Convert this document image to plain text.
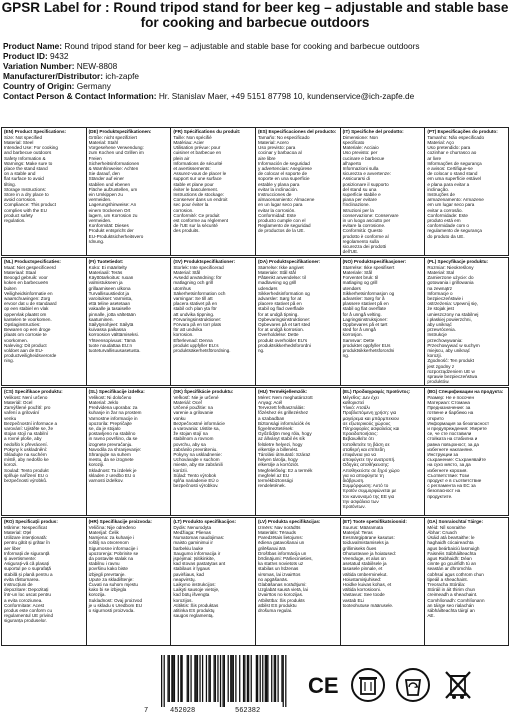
GPSR Label for : Round tripod stand for beer keg – adjustable and stable base for cooking and barbecue outdoors
Product Name: Round tripod stand for beer keg – adjustable and stable base for cooking and barbecue outdoors
Product ID: 9432
Variation Number: NEW-8808
Manufacturer/Distributor: ich-zapfe
Country of Origin: Germany
Contact Person & Contact Information: Hr. Stanislav Maer, +49 5151 87798 10, kundenservice@ich-zapfe.de
(EN) Product Specifications:
Size: Not specified
Material: Steel
Intended Use: For cooking
and barbecue outdoors
Safety Information &
Warnings: Make sure to
place the stand stand
on a stable and
flat surface to avoid
tilting.
Storage Instructions:
Store in a dry place to
avoid corrosion.
Compliance: This product
complies with the EU
product safety
regulation.
(DE) Produktspezifikationen:
Größe: nicht spezifiziert
Material: Stahl
Vorgesehene Verwendung:
zum Kochen und Grillen im
Freien
Sicherheitsinformationen
& Warnhinweise: Achten
Sie darauf, den
Ständer auf einer
stabilen und ebenen
Fläche aufzustellen, um
ein Umkippen zu
vermeiden.
Lagerungshinweise: An
einem trockenen Ort
lagern, um Korrosion zu
vermeiden.
Konformität: Dieses
Produkt entspricht der
EU-Produktsicherheitsvero
rdnung.
(FR) Spécifications du produit:
Taille: Non spécifié
Matériau: Acier
Utilisation prévue: pour
cuisiner et barbecue en
plein air
Informations de sécurité
et avertissements:
Assurez-vous de placer le
support sur une surface
stable et plane pour
éviter le basculement.
Instructions de stockage:
Conserver dans un endroit
sec pour éviter la
corrosion.
Conformité: Ce produit
est conforme au règlement
de l'UE sur la sécurité
des produits.
(ES) Especificaciones del producto:
Tamaño: No especificado
Material: Acero
Uso previsto: para
cocinar y barbacoa al
aire libre
Información de seguridad
y advertencias: Asegúrese
de colocar el soporte de
soporte en una superficie
estable y plana para
evitar la inclinación.
Instrucciones de
almacenamiento: Almacene
en un lugar seco para
evitar la corrosión.
Conformidad: Este
producto cumple con el
Reglamento de seguridad
de productos de la UE.
(IT) Specifiche del prodotto:
Dimensione: Non
specificato
Materiale: Acciaio
Uso previsto: per
cucinare e barbecue
all'aperto
Informazioni sulla
sicurezza e avvertenze:
Assicurarsi di
posizionare il supporto
del stand su una
superficie stabile e
piana per evitare
l'inclinazione.
Istruzioni per la
conservazione: Conservare
in un luogo asciutto per
evitare la corrosione.
Conformità: Questo
prodotto è conforme al
regolamento sulla
sicurezza dei prodotti
dell'UE.
(PT) Especificações do produto:
Tamanho: Não especificado
Material: Aço
Uso pretendido: para
cozinhar e churrasco ao
ar livre
Informações de segurança
e avisos: Certifique-se
de colocar o stand stand
em uma superfície estável
e plana para evitar a
inclinação.
Instruções de
armazenamento: Armazene
em um lugar seco para
evitar a corrosão.
Conformidade: Este
produto está em
conformidade com o
regulamento de segurança
do produto da UE.
(NL) Productspecificaties:
Maat: Niet gespecificeerd
Materiaal: Staal
Beoogd gebruik: voor
koken en barbecueën
buiten
Veiligheidsinformatie en
waarschuwingen: Zorg
ervoor dat u de standaard
op een stabiel en vlak
oppervlak plaatst om
kantelen te voorkomen.
Opslaginstructies:
Bewaren op een droge
plaats om corrosie te
voorkomen.
Naleving: Dit product
voldoet aan de EU-
productveiligheidsverorde
ning.
(FI) Tuotetiedot:
Koko: Ei määritelty
Materiaali: Teräs
Käyttötarkoitus: ruoan
valmistukseen ja
grillaamiseen ulkona
Turvallisuustiedot ja
varoitukset: Varmista,
että teline asetetaan
vakaalle ja tasaiselle
pinnalle, jotta vältetään
kaatuminen.
Säilytysohjeet: Säilytä
kuivassa paikassa
korroosion välttämiseksi.
Yhteensopivuus: Tämä
tuote noudattaa EU:n
tuoteturvallisuusasetusta.
(SV) Produktspecifikationer:
Storlek: Inte specificerad
Material: Stål
Avsedd användning: för
matlagning och grill
utomhus
Säkerhetsinformation och
varningar: Se till att
placera stativet på en
stabil och plan yta för
att undvika tippning.
Förvaringsinstruktioner:
Förvara på en torr plats
för att undvika
korrosion.
Efterlevnad: Denna
produkt uppfyller EU:s
produktsäkerhetsförordning.
(DA) Produktspecifikationer:
Størrelse: Ikke angivet
Materiale: Stål stål
Påtænkt anvendelse: til
madlavning og grill
udendørs
Sikkerhedsinformation og
advarsler: Sørg for at
placere stativet på en
stabil og flad overflade
for at undgå tipning.
Opbevaringsinstruktioner:
Opbevares på et tørt sted
for at undgå korrosion.
Overholdelse: Dette
produkt overholder EU's
produktsikkerhedsforordni
ng.
(NO) Produktspesifikasjoner:
Størrelse: Ikke spesifisert
Materiale: Stål
Forventet bruk: til
matlaging og grill
utendørs
Sikkerhetsinformasjon og
advarsler: Sørg for å
plassere stativet på en
stabil og flat overflate
for å unngå velting.
Lagringsinstruksjoner:
Oppbevares på et tørt
sted for å unngå
korrosjon.
Samsvar: Dette
produktet oppfyller EUs
produktsikkerhetsforordni
ng.
(PL) Specyfikacje produktu:
Rozmiar: Nieokreślony
Materiał: Stal
Zamierzone użycie: do
gotowania i grillowania
na zewnątrz
Informacje o
bezpieczeństwie i
ostrzeżenia: Upewnij się,
że stojak jest
umieszczony na stabilnej
i płaskiej powierzchni,
aby uniknąć
przewrócenia.
Instrukcje
przechowywania:
Przechowywać w suchym
miejscu, aby uniknąć
korozji.
Zgodność: Ten produkt
jest zgodny z
rozporządzeniem UE w
sprawie bezpieczeństwa
produktów.
(CS) Specifikace produktu:
Velikost: Není určeno
Materiál: Ocel
Zamýšlené použití: pro
vaření a grilování
venku
Bezpečnostní informace a
varování: Ujistěte se, že
stojan stojí na stabilní
a rovné ploše, aby
nedošlo k převrácení.
Pokyny k uskladnění:
Skladujte na suchém
místě, aby nedošlo ke
korozi.
Soulad: Tento produkt
splňuje nařízení EU o
bezpečnosti výrobků.
(SL) Specifikacije izdelka:
Velikost: Ni določeno
Material: Jeklo
Predvidena uporaba: za
kuhanje in žar na prostem
Varnostne informacije in
opozorila: Prepričajte
se, da je stojalo
postavljeno na stabilno
in ravno površino, da se
izognete prevračanju.
Navodila za shranjevanje:
Shranjujte na suhem
mestu, da se izognete
koroziji.
Skladnost: Ta izdelek je
skladen z uredbo EU o
varnosti izdelkov.
(SK) Špecifikácie produktu:
Veľkosť: Nie je určené
Materiál: Oceľ
Určené použitie: na
varenie a grilovanie
vonku
Bezpečnostné informácie
a varovania: Uistite sa,
že stojan stojí na
stabilnom a rovnom
povrchu, aby sa
zabránilo prevráteniu.
Pokyny na uskladnenie:
Uchovávajte v suchom
mieste, aby ste zabránili
korózii.
Súlad: Tento výrobok
spĺňa nariadenie EÚ o
bezpečnosti výrobkov.
(HU) Termékjellemzők:
Méret: Nem meghatározott
Anyag: Acél
Tervezett felhasználás:
főzéshez és grillezéshez
a szabadban
Biztonsági információk és
figyelmeztetések:
Győződjön meg róla, hogy
az állványt stabil és sík
felületre helyezi, hogy
elkerülje a billenést.
Tárolási útmutató: Száraz
helyen tárolja, hogy
elkerülje a korróziót.
Megfelelőség: Ez a termék
megfelel az EU
termékbiztonsági
rendeletének.
(EL) Προδιαγραφές προϊόντος:
Μέγεθος: Δεν έχει
καθοριστεί
Υλικό: Ατσάλι
Προβλεπόμενη χρήση: για
μαγείρεμα και μπάρμπεκιου
σε εξωτερικούς χώρους
Πληροφορίες ασφαλείας και
προειδοποιήσεις:
Βεβαιωθείτε ότι
τοποθετείτε τη βάση σε
σταθερή και επίπεδη
επιφάνεια για να
αποφύγετε την ανατροπή.
Οδηγίες αποθήκευσης:
Αποθηκεύστε σε ξηρό χώρο
για να αποφύγετε τη
διάβρωση.
Συμμόρφωση: Αυτό το
προϊόν συμμορφώνεται με
τον κανονισμό της ΕΕ για
την ασφάλεια των
προϊόντων.
(BG) Спецификации на продукта:
Размер: Не е посочен
Материал: Стомана
Предназначение: за
готвене и барбекю на
открито
Информация за безопасност
и предупреждения: Уверете
се, че сте поставили
стойката на стабилна и
равна повърхност, за да
избегнете накланяне.
Инструкции за
съхранение: Съхранявайте
на сухо място, за да
избегнете корозия.
Съответствие: Този
продукт е в съответствие
с регламента на ЕС за
безопасност на
продуктите.
(RO) Specificații produs:
Mărime: Nespecificat
Material: Oțel
Utilizare intenționată:
pentru gătit și grătar în
aer liber
Informații de siguranță
și avertismente:
Asigurați-vă că plasați
suportul pe o suprafață
stabilă și plană pentru a
evita răsturnarea.
Instrucțiuni de
depozitare: Depozitați
într-un loc uscat pentru
a evita coroziunea.
Conformitate: Acest
produs este conform cu
regulamentul UE privind
siguranța produselor.
(HR) Specifikacije proizvoda:
Veličina: Nije određeno
Materijal: Čelik
Namjena: za kuhanje i
roštilj na otvorenom
Sigurnosne informacije i
upozorenja: Pobrinite se
da postavite stalak na
stabilnu i ravnu
površinu kako biste
izbjegli prevrtanje.
Upute za skladištenje:
Čuvati na suhom mjestu
kako bi se izbjegla
korozija.
Sukladnost: Ovaj proizvod
je u skladu s Uredbom EU
o sigurnosti proizvoda.
(LT) Produkto specifikacijos:
Dydis: Nenurodyta
Medžiaga: Plienas
Numatomas naudojimas:
maisto gaminimui ir
barbekiu lauke
Saugumo informacija ir
įspėjimai: Įsitikinkite,
kad stovas pastatytas ant
stabilaus ir lygaus
paviršiaus, kad
neapvirstų.
Laikymo instrukcijos:
Laikyti sausoje vietoje,
kad būtų išvengta
korozijos.
Atitiktis: Šis produktas
atitinka ES produktų
saugos reglamentą.
(LV) Produkta specifikācijas:
Izmērs: Nav norādīts
Materiāls: Tērauds
Paredzētais lietojums:
ēdiena gatavošanai un
grilēšanai ārā
Drošības informācija un
brīdinājumi: Pārliecinieties,
ka statīvs novietots uz
stabilas un līdzenas
virsmas, lai izvairītos
no apgāšanās.
Glabāšanas norādījumi:
Uzglabāt sausā vietā, lai
izvairītos no korozijas.
Atbilstība: Šis produkts
atbilst ES produktu
drošuma regulai.
(ET) Toote spetsifikatsioonid:
Suurus: Määramata
Materjal: Teras
Eesmärgipärane kasutus:
toiduvalmistamiseks ja
grillimiseks õues
Ohutusteave ja hoiatused:
Veenduge, et alus on
asetatud stabiilsele ja
tasasele pinnale, et
vältida ümberminekut.
Hoiustamisjuhised:
Hoidke kuivas kohas, et
vältida korrosiooni.
Vastavus: See toode
vastab ELi
tooteohutuse määrusele.
(GA) Sonraíochtaí Táirge:
Méid: Níl sonraithe
Ábhar: Cruach
Úsáid atá beartaithe: le
haghaidh cócaireachta
agus beárbaiciú lasmuigh
Faisnéis Sábháilteachta
agus Rabhaidh: Déan
cinnte go gcuirfidh tú an
seastán ar dhromchla
cobhsaí agus cothrom chun
tipeáil a sheachaint.
Treoracha Stórála:
Stóráil in áit thirim chun
creimeadh a sheachaint.
Comhlíonadh: Comhlíonann
an táirge seo rialachán
sábháilteachta táirgí an
AE.
7	452028	562382
CE
